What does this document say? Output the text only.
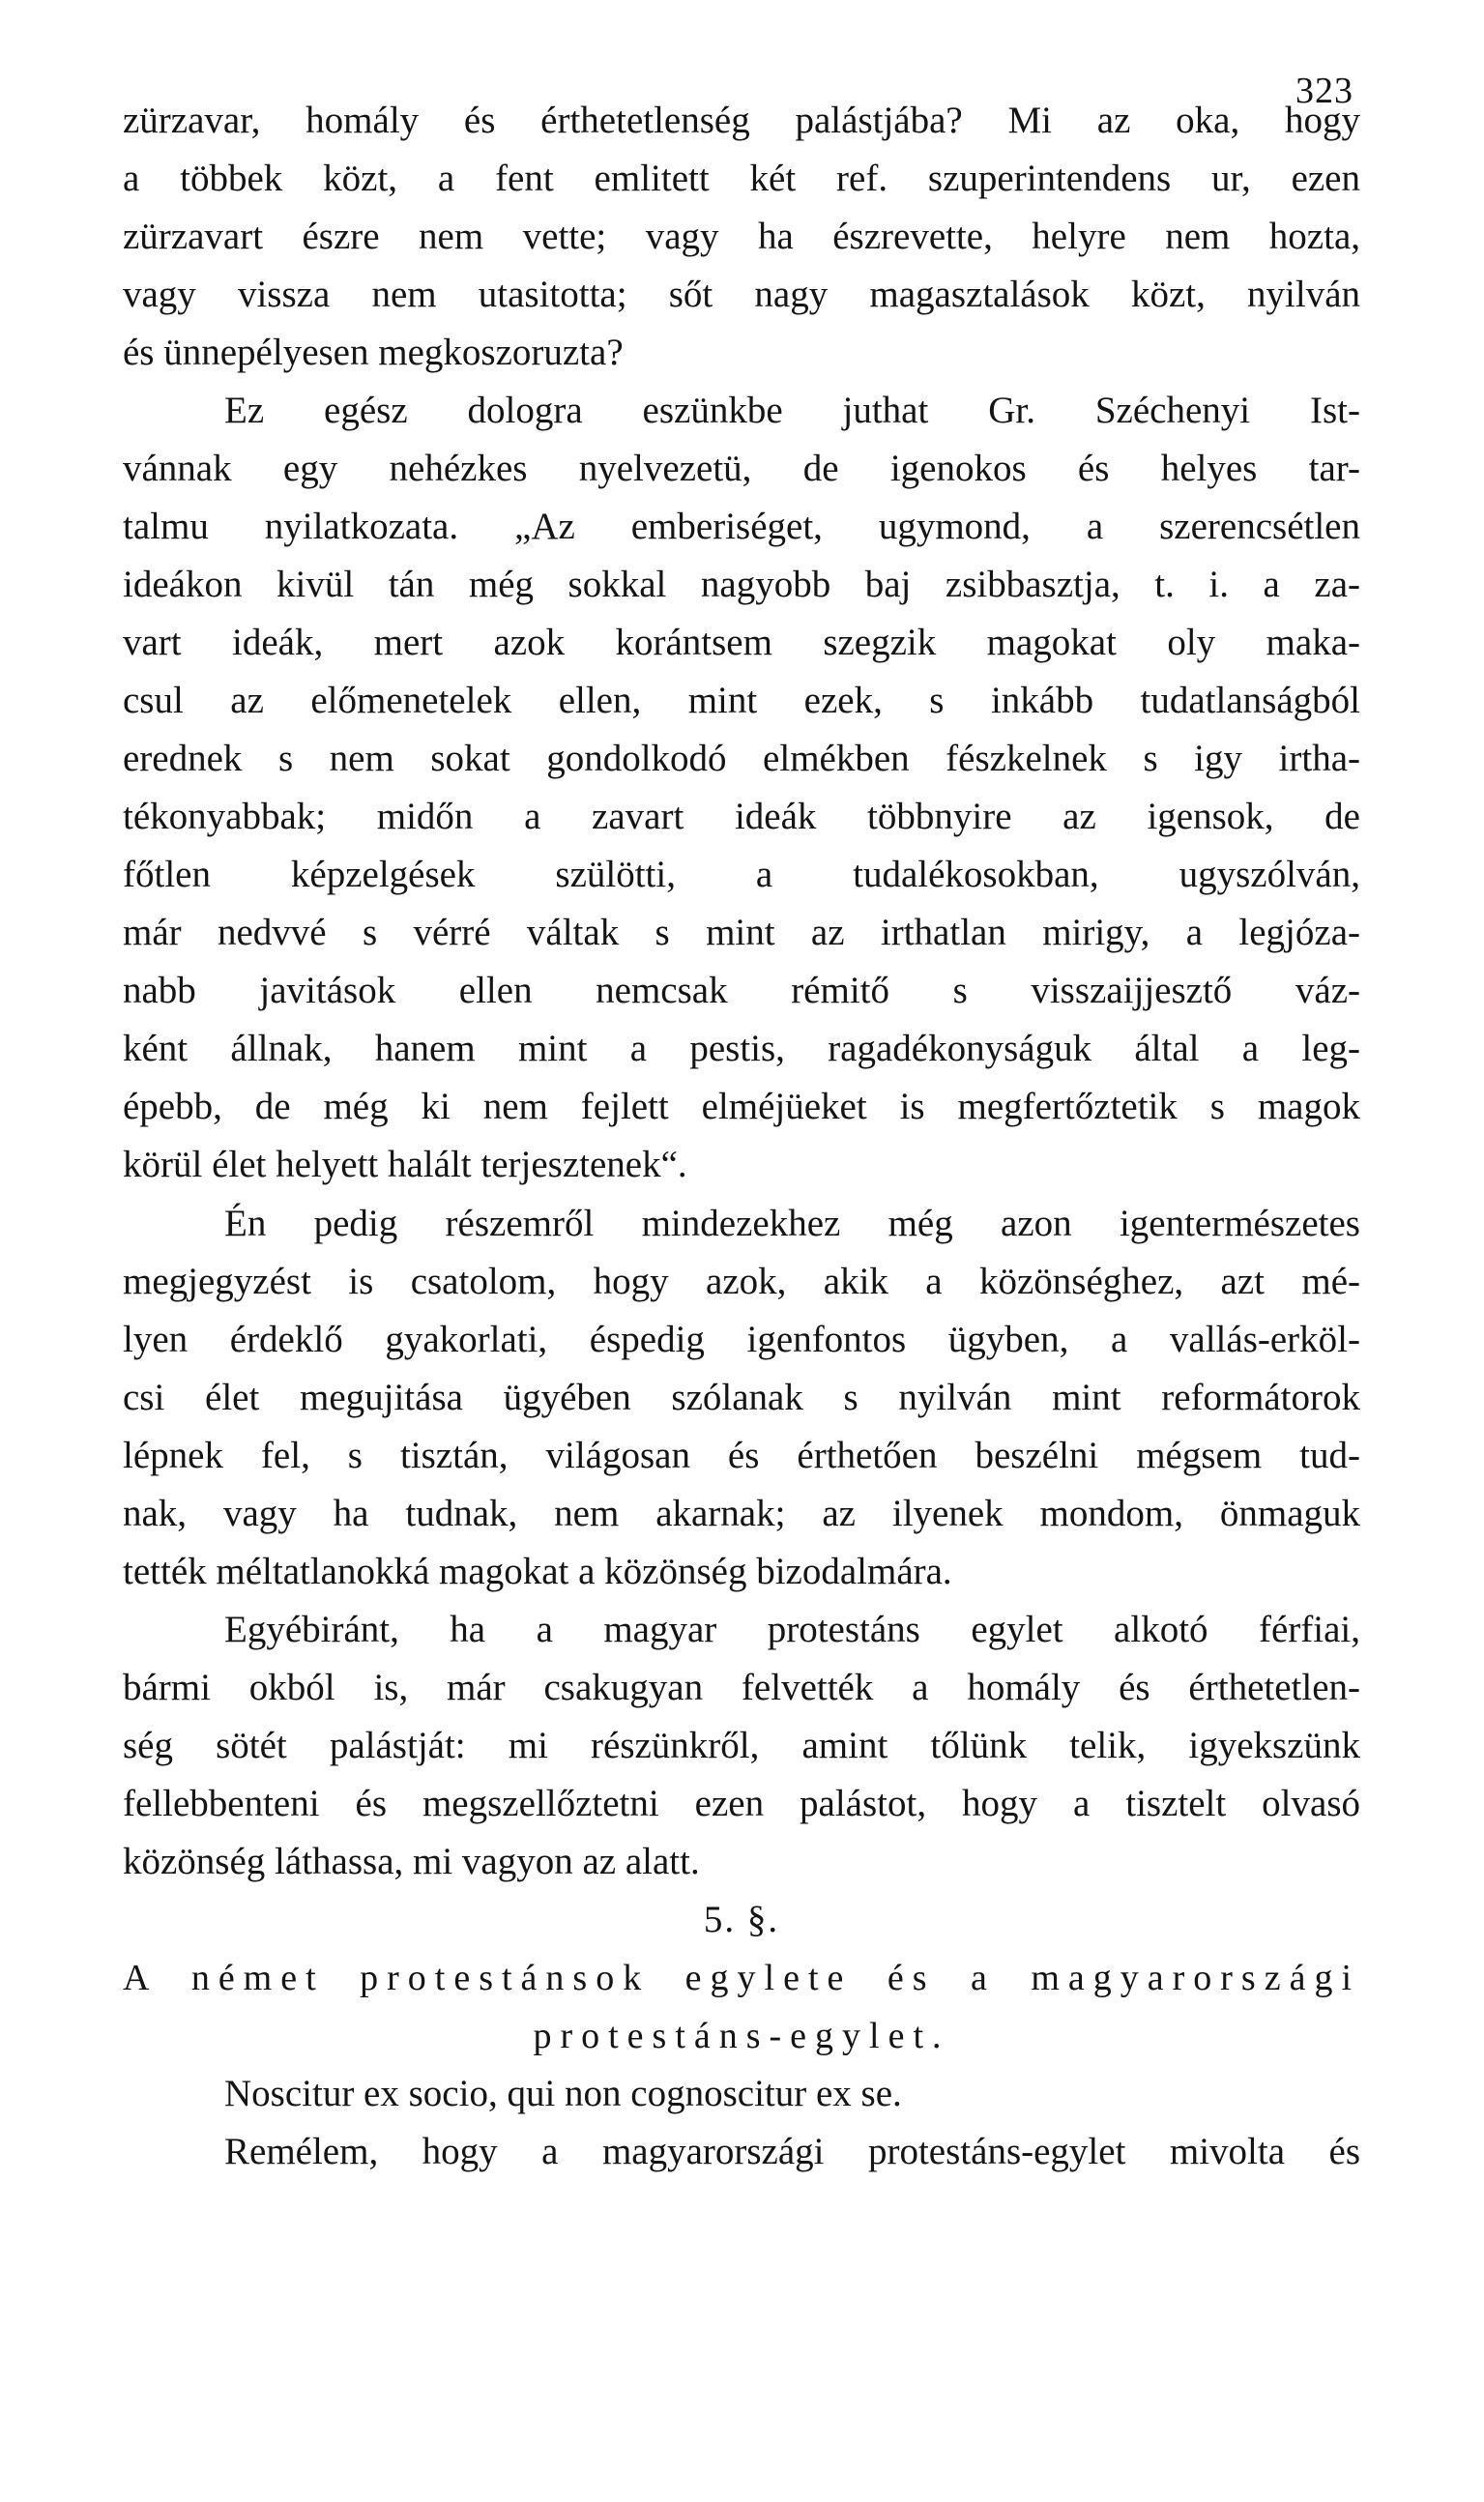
323
zürzavar, homály és érthetetlenség palástjába? Mi az oka, hogy
a többek közt, a fent emlitett két ref. szuperintendens ur, ezen
zürzavart észre nem vette; vagy ha észrevette, helyre nem hozta,
vagy vissza nem utasitotta; sőt nagy magasztalások közt, nyilván
és ünnepélyesen megkoszoruzta?
Ez egész dologra eszünkbe juthat Gr. Széchenyi Ist-
vánnak egy nehézkes nyelvezetü, de igenokos és helyes tar-
talmu nyilatkozata. „Az emberiséget, ugymond, a szerencsétlen
ideákon kivül tán még sokkal nagyobb baj zsibbasztja, t. i. a za-
vart ideák, mert azok korántsem szegzik magokat oly maka-
csul az előmenetelek ellen, mint ezek, s inkább tudatlanságból
erednek s nem sokat gondolkodó elmékben fészkelnek s igy irtha-
tékonyabbak; midőn a zavart ideák többnyire az igensok, de
főtlen képzelgések szülötti, a tudalékosokban, ugyszólván,
már nedvvé s vérré váltak s mint az irthatlan mirigy, a legjóza-
nabb javitások ellen nemcsak rémitő s visszaijjesztő váz-
ként állnak, hanem mint a pestis, ragadékonyságuk által a leg-
épebb, de még ki nem fejlett elméjüeket is megfertőztetik s magok
körül élet helyett halált terjesztenek“.
Én pedig részemről mindezekhez még azon igentermészetes
megjegyzést is csatolom, hogy azok, akik a közönséghez, azt mé-
lyen érdeklő gyakorlati, éspedig igenfontos ügyben, a vallás-erköl-
csi élet megujitása ügyében szólanak s nyilván mint reformátorok
lépnek fel, s tisztán, világosan és érthetően beszélni mégsem tud-
nak, vagy ha tudnak, nem akarnak; az ilyenek mondom, önmaguk
tették méltatlanokká magokat a közönség bizodalmára.
Egyébiránt, ha a magyar protestáns egylet alkotó férfiai,
bármi okból is, már csakugyan felvették a homály és érthetetlen-
ség sötét palástját: mi részünkről, amint tőlünk telik, igyekszünk
fellebbenteni és megszellőztetni ezen palástot, hogy a tisztelt olvasó
közönség láthassa, mi vagyon az alatt.
5. §.
A német protestánsok egylete és a magyarországi
protestáns-egylet.
Noscitur ex socio, qui non cognoscitur ex se.
Remélem, hogy a magyarországi protestáns-egylet mivolta és
